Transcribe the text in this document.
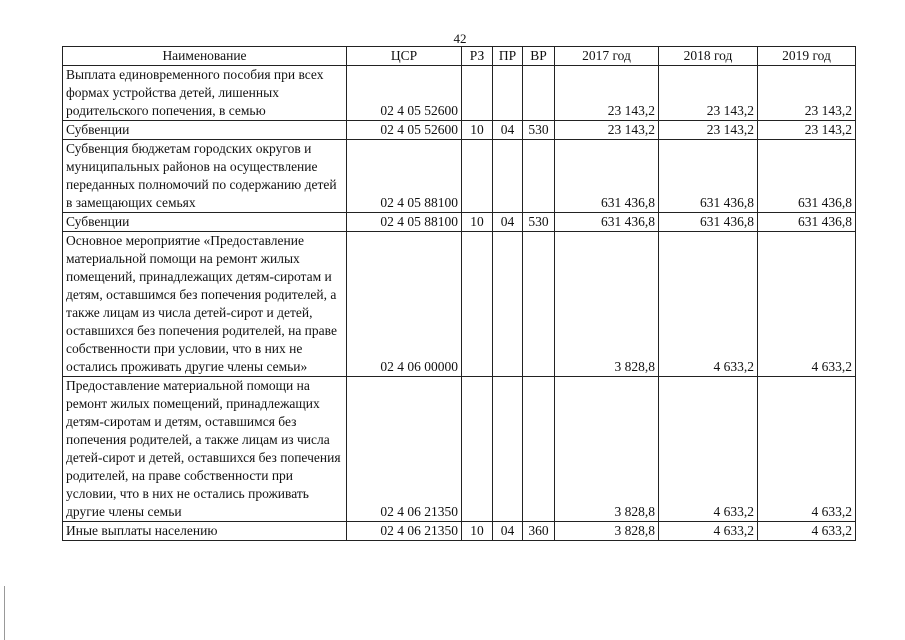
42
Наименование	ЦСР	РЗ	ПР	ВР	2017 год	2018 год	2019 год
Выплата единовременного пособия при всех формах устройства детей, лишенных родительского попечения, в семью	02 4 05 52600				23 143,2	23 143,2	23 143,2
Субвенции	02 4 05 52600	10	04	530	23 143,2	23 143,2	23 143,2
Субвенция бюджетам городских округов и муниципальных районов на осуществление переданных полномочий по содержанию детей в замещающих семьях	02 4 05 88100				631 436,8	631 436,8	631 436,8
Субвенции	02 4 05 88100	10	04	530	631 436,8	631 436,8	631 436,8
Основное мероприятие «Предоставление материальной помощи на ремонт жилых помещений, принадлежащих детям-сиротам и детям, оставшимся без попечения родителей, а также лицам из числа детей-сирот и детей, оставшихся без попечения родителей, на праве собственности при условии, что в них не остались проживать другие члены семьи»	02 4 06 00000				3 828,8	4 633,2	4 633,2
Предоставление материальной помощи на ремонт жилых помещений, принадлежащих детям-сиротам и детям, оставшимся без попечения родителей, а также лицам из числа детей-сирот и детей, оставшихся без попечения родителей, на праве собственности при условии, что в них не остались проживать другие члены семьи	02 4 06 21350				3 828,8	4 633,2	4 633,2
Иные выплаты населению	02 4 06 21350	10	04	360	3 828,8	4 633,2	4 633,2
